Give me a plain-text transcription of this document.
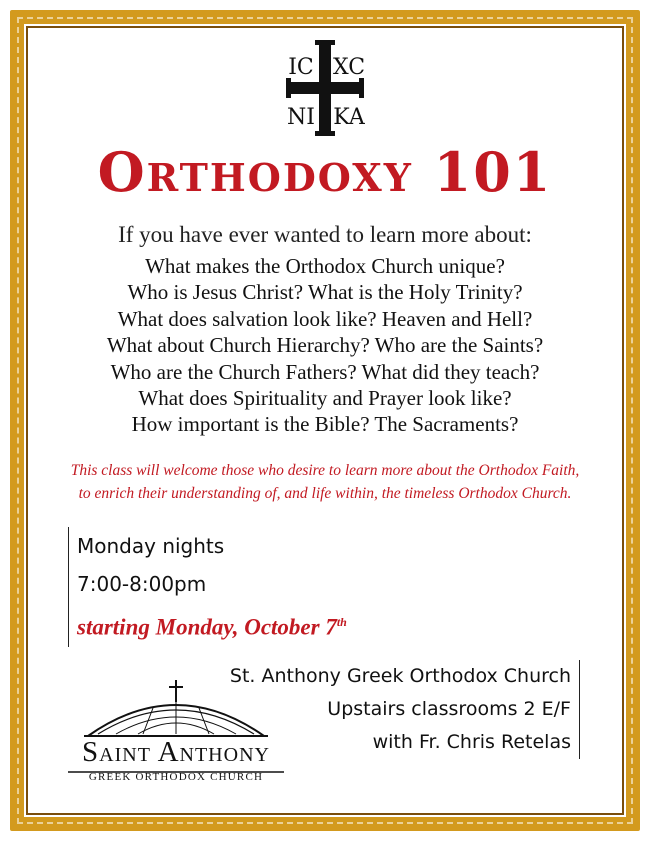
IC XC
NI KA
Orthodoxy 101
If you have ever wanted to learn more about:
What makes the Orthodox Church unique?
Who is Jesus Christ? What is the Holy Trinity?
What does salvation look like? Heaven and Hell?
What about Church Hierarchy? Who are the Saints?
Who are the Church Fathers? What did they teach?
What does Spirituality and Prayer look like?
How important is the Bible? The Sacraments?
This class will welcome those who desire to learn more about the Orthodox Faith,
to enrich their understanding of, and life within, the timeless Orthodox Church.
Monday nights
7:00-8:00pm
starting Monday, October 7th
St. Anthony Greek Orthodox Church
Upstairs classrooms 2 E/F
with Fr. Chris Retelas
Saint Anthony
GREEK ORTHODOX CHURCH
